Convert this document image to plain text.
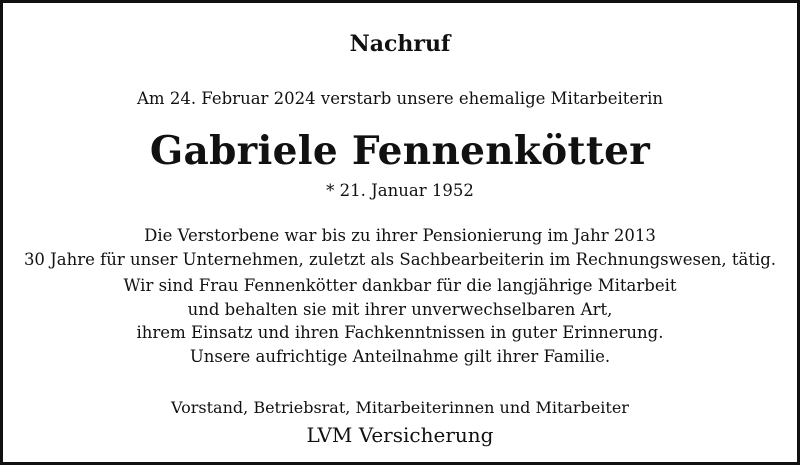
Nachruf
Am 24. Februar 2024 verstarb unsere ehemalige Mitarbeiterin
Gabriele Fennenkötter
* 21. Januar 1952
Die Verstorbene war bis zu ihrer Pensionierung im Jahr 2013
30 Jahre für unser Unternehmen, zuletzt als Sachbearbeiterin im Rechnungswesen, tätig.
Wir sind Frau Fennenkötter dankbar für die langjährige Mitarbeit
und behalten sie mit ihrer unverwechselbaren Art,
ihrem Einsatz und ihren Fachkenntnissen in guter Erinnerung.
Unsere aufrichtige Anteilnahme gilt ihrer Familie.
Vorstand, Betriebsrat, Mitarbeiterinnen und Mitarbeiter
LVM Versicherung
